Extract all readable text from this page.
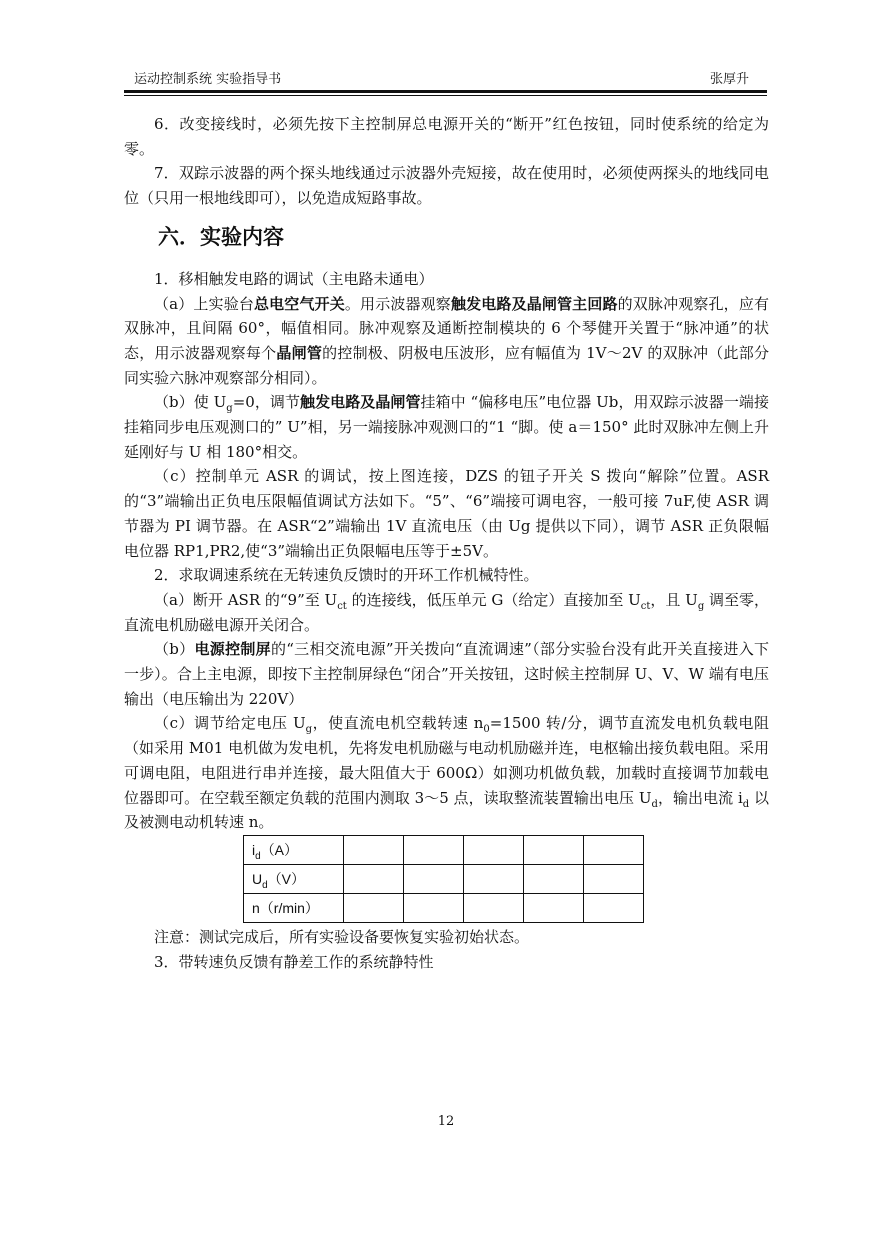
运动控制系统 实验指导书	张厚升

6．改变接线时，必须先按下主控制屏总电源开关的“断开”红色按钮，同时使系统的给定为零。

7．双踪示波器的两个探头地线通过示波器外壳短接，故在使用时，必须使两探头的地线同电位（只用一根地线即可），以免造成短路事故。

六．实验内容

1．移相触发电路的调试（主电路未通电）

（a）上实验台总电空气开关。用示波器观察触发电路及晶闸管主回路的双脉冲观察孔，应有双脉冲，且间隔 60°，幅值相同。脉冲观察及通断控制模块的 6 个琴健开关置于“脉冲通”的状态，用示波器观察每个晶闸管的控制极、阴极电压波形，应有幅值为 1V～2V 的双脉冲（此部分同实验六脉冲观察部分相同）。

（b）使 $U_g=0$，调节触发电路及晶闸管挂箱中 “偏移电压”电位器 Ub，用双踪示波器一端接挂箱同步电压观测口的” U”相，另一端接脉冲观测口的“1 “脚。使 a＝150° 此时双脉冲左侧上升延刚好与 U 相 180°相交。

（c）控制单元 ASR 的调试，按上图连接，DZS 的钮子开关 S 拨向“解除”位置。ASR 的“3”端输出正负电压限幅值调试方法如下。“5”、“6”端接可调电容，一般可接 7uF,使 ASR 调节器为 PI 调节器。在 ASR“2”端输出 1V 直流电压（由 Ug 提供以下同），调节 ASR 正负限幅电位器 RP1,PR2,使“3”端输出正负限幅电压等于±5V。

2．求取调速系统在无转速负反馈时的开环工作机械特性。

（a）断开 ASR 的“9”至 $U_{ct}$ 的连接线，低压单元 G（给定）直接加至 $U_{ct}$，且 $U_g$ 调至零，直流电机励磁电源开关闭合。

（b）电源控制屏的“三相交流电源”开关拨向“直流调速”（部分实验台没有此开关直接进入下一步）。合上主电源，即按下主控制屏绿色“闭合”开关按钮，这时候主控制屏 U、V、W 端有电压输出（电压输出为 220V）

（c）调节给定电压 $U_g$，使直流电机空载转速 $n_0=1500$ 转/分，调节直流发电机负载电阻（如采用 M01 电机做为发电机，先将发电机励磁与电动机励磁并连，电枢输出接负载电阻。采用可调电阻，电阻进行串并连接，最大阻值大于 600Ω）如测功机做负载，加载时直接调节加载电位器即可。在空载至额定负载的范围内测取 3～5 点，读取整流装置输出电压 $U_d$，输出电流 $i_d$ 以及被测电动机转速 n。

$i_d(A)$					
$U_d(V)$					
n（r/min）					

注意：测试完成后，所有实验设备要恢复实验初始状态。

3．带转速负反馈有静差工作的系统静特性

12
